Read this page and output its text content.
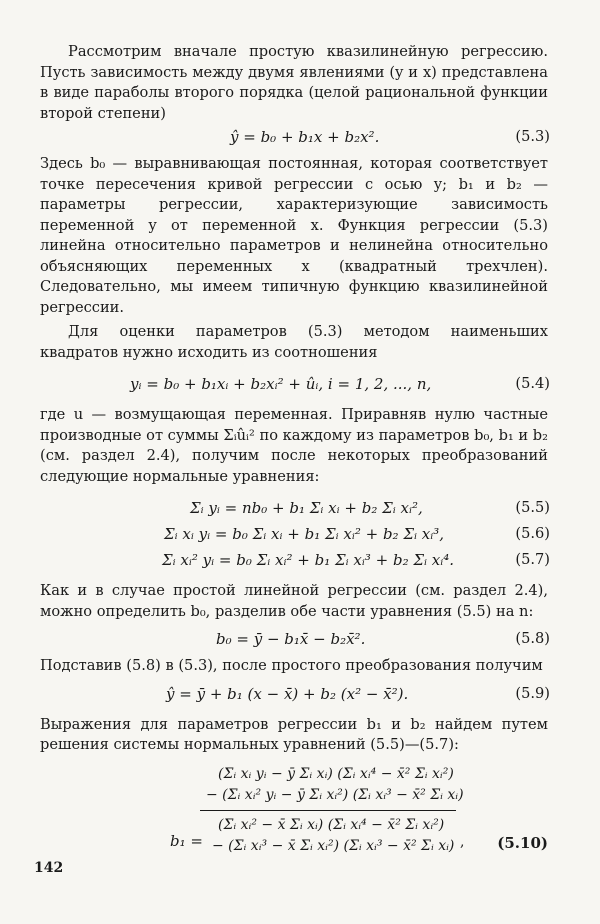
Рассмотрим вначале простую квазилинейную регрессию. Пусть зависимость между двумя явлениями (y и x) представлена в виде параболы второго порядка (целой рациональной функции второй степени)

ŷ = b₀ + b₁x + b₂x².	(5.3)

Здесь b₀ — выравнивающая постоянная, которая соответствует точке пересечения кривой регрессии с осью y; b₁ и b₂ — параметры регрессии, характеризующие зависимость переменной y от переменной x. Функция регрессии (5.3) линейна относительно параметров и нелинейна относительно объясняющих переменных x (квадратный трехчлен). Следовательно, мы имеем типичную функцию квазилинейной регрессии.

Для оценки параметров (5.3) методом наименьших квадратов нужно исходить из соотношения

yᵢ = b₀ + b₁xᵢ + b₂xᵢ² + ûᵢ, i = 1, 2, ..., n,	(5.4)

где u — возмущающая переменная. Приравняв нулю частные производные от суммы Σᵢûᵢ² по каждому из параметров b₀, b₁ и b₂ (см. раздел 2.4), получим после некоторых преобразований следующие нормальные уравнения:

Σᵢ yᵢ = nb₀ + b₁ Σᵢ xᵢ + b₂ Σᵢ xᵢ²,	(5.5)
Σᵢ xᵢ yᵢ = b₀ Σᵢ xᵢ + b₁ Σᵢ xᵢ² + b₂ Σᵢ xᵢ³,	(5.6)
Σᵢ xᵢ² yᵢ = b₀ Σᵢ xᵢ² + b₁ Σᵢ xᵢ³ + b₂ Σᵢ xᵢ⁴.	(5.7)

Как и в случае простой линейной регрессии (см. раздел 2.4), можно определить b₀, разделив обе части уравнения (5.5) на n:

b₀ = ȳ − b₁x̄ − b₂x̄².	(5.8)

Подставив (5.8) в (5.3), после простого преобразования получим

ŷ = ȳ + b₁ (x − x̄) + b₂ (x² − x̄²).	(5.9)

Выражения для параметров регрессии b₁ и b₂ найдем путем решения системы нормальных уравнений (5.5)—(5.7):

b₁ =
(Σᵢ xᵢ yᵢ − ȳ Σᵢ xᵢ) (Σᵢ xᵢ⁴ − x̄² Σᵢ xᵢ²)
− (Σᵢ xᵢ² yᵢ − ȳ Σᵢ xᵢ²) (Σᵢ xᵢ³ − x̄² Σᵢ xᵢ)
(Σᵢ xᵢ² − x̄ Σᵢ xᵢ) (Σᵢ xᵢ⁴ − x̄² Σᵢ xᵢ²)
− (Σᵢ xᵢ³ − x̄ Σᵢ xᵢ²) (Σᵢ xᵢ³ − x̄² Σᵢ xᵢ) , (5.10)
142
